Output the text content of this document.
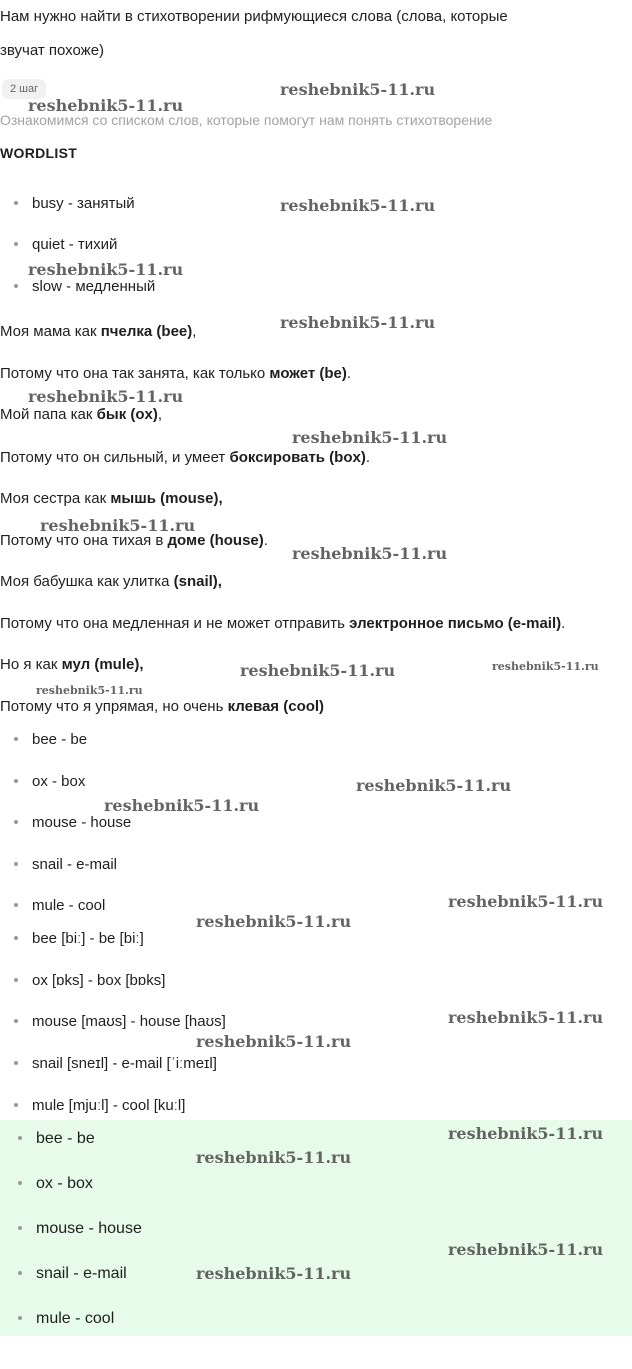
Нам нужно найти в стихотворении рифмующиеся слова (слова, которые
звучат похоже)
2 шаг
Ознакомимся со списком слов, которые помогут нам понять стихотворение
WORDLIST
busy - занятый
quiet - тихий
slow - медленный
Моя мама как пчелка (bee),
Потому что она так занята, как только может (be).
Мой папа как бык (ox),
Потому что он сильный, и умеет боксировать (box).
Моя сестра как мышь (mouse),
Потому что она тихая в доме (house).
Моя бабушка как улитка (snail),
Потому что она медленная и не может отправить электронное письмо (e-mail).
Но я как мул (mule),
Потому что я упрямая, но очень клевая (cool)
bee - be
ox - box
mouse - house
snail - e-mail
mule - cool
bee [biː] - be [biː]
ox [ɒks] - box [bɒks]
mouse [maʊs] - house [haʊs]
snail [sneɪl] - e-mail [ˈiːmeɪl]
mule [mjuːl] - cool [kuːl]
bee - be
ox - box
mouse - house
snail - e-mail
mule - cool
reshebnik5-11.ru
reshebnik5-11.ru
reshebnik5-11.ru
reshebnik5-11.ru
reshebnik5-11.ru
reshebnik5-11.ru
reshebnik5-11.ru
reshebnik5-11.ru
reshebnik5-11.ru
reshebnik5-11.ru	reshebnik5-11.ru
reshebnik5-11.ru
reshebnik5-11.ru
reshebnik5-11.ru
reshebnik5-11.ru
reshebnik5-11.ru
reshebnik5-11.ru
reshebnik5-11.ru
reshebnik5-11.ru
reshebnik5-11.ru
reshebnik5-11.ru
reshebnik5-11.ru
